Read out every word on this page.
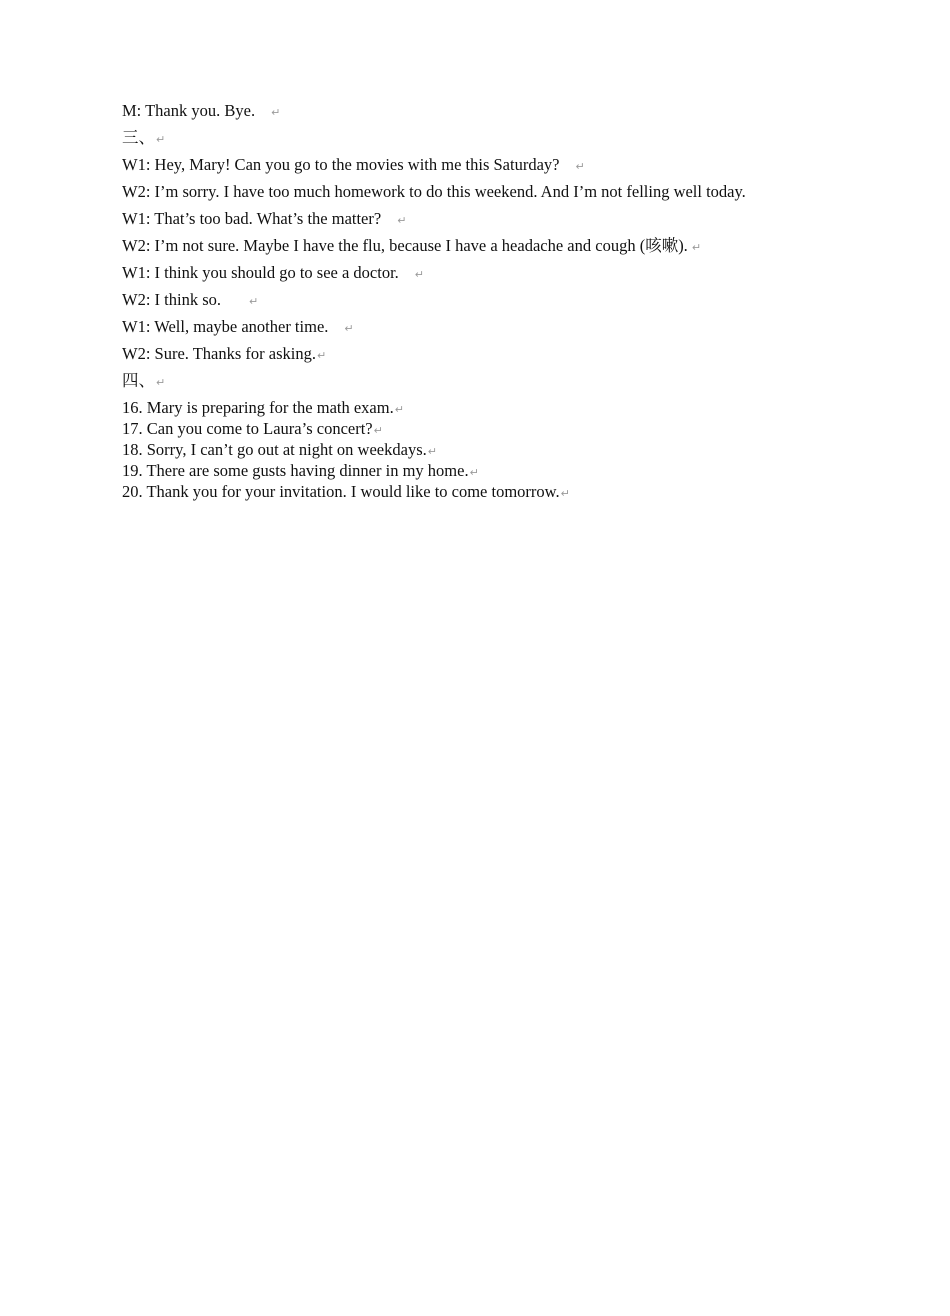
M: Thank you. Bye. ↵
三、 ↵
W1: Hey, Mary! Can you go to the movies with me this Saturday? ↵
W2: I’m sorry. I have too much homework to do this weekend. And I’m not felling well today.
W1: That’s too bad. What’s the matter? ↵
W2: I’m not sure. Maybe I have the flu, because I have a headache and cough (咳嗽). ↵
W1: I think you should go to see a doctor. ↵
W2: I think so.	↵
W1: Well, maybe another time. ↵
W2: Sure. Thanks for asking. ↵
四、 ↵
16. Mary is preparing for the math exam. ↵
17. Can you come to Laura’s concert? ↵
18. Sorry, I can’t go out at night on weekdays. ↵
19. There are some gusts having dinner in my home. ↵
20. Thank you for your invitation. I would like to come tomorrow. ↵
